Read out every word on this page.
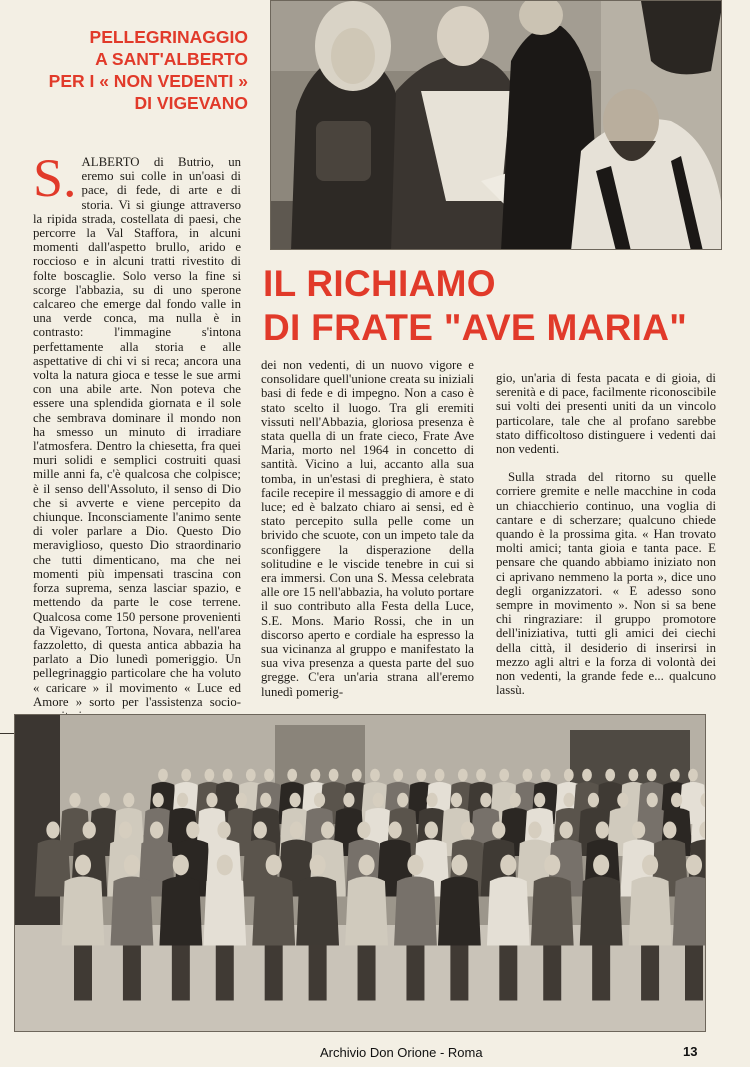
PELLEGRINAGGIO
A SANT'ALBERTO
PER I « NON VEDENTI »
DI VIGEVANO
IL RICHIAMO
DI FRATE "AVE MARIA"

S. ALBERTO di Butrio, un eremo sui colle in un'oasi di pace, di fede, di arte e di storia. Vi si giunge attraverso la ripida strada, costellata di paesi, che percorre la Val Staffora, in alcuni momenti dall'aspetto brullo, arido e roccioso e in alcuni tratti rivestito di folte boscaglie. Solo verso la fine si scorge l'abbazia, su di uno sperone calcareo che emerge dal fondo valle in una verde conca, ma nulla è in contrasto: l'immagine s'intona perfettamente alla storia e alle aspettative di chi vi si reca; ancora una volta la natura gioca e tesse le sue armi con una abile arte. Non poteva che essere una splendida giornata e il sole che sembrava dominare il mondo non ha smesso un minuto di irradiare l'atmosfera. Dentro la chiesetta, fra quei muri solidi e semplici costruiti quasi mille anni fa, c'è qualcosa che colpisce; è il senso dell'Assoluto, il senso di Dio che si avverte e viene percepito da chiunque. Inconsciamente l'animo sente di voler parlare a Dio. Questo Dio meraviglioso, questo Dio straordinario che tutti dimenticano, ma che nei momenti più impensati trascina con forza suprema, senza lasciar spazio, e mettendo da parte le cose terrene. Qualcosa come 150 persone provenienti da Vigevano, Tortona, Novara, nell'area fazzoletto, di questa antica abbazia ha parlato a Dio lunedì pomeriggio. Un pellegrinaggio particolare che ha voluto « caricare » il movimento « Luce ed Amore » sorto per l'assistenza socio-

dei non vedenti, di un nuovo vigore e consolidare quell'unione creata su iniziali basi di fede e di impegno. Non a caso è stato scelto il luogo. Tra gli eremiti vissuti nell'Abbazia, gloriosa presenza è stata quella di un frate cieco, Frate Ave Maria, morto nel 1964 in concetto di santità. Vicino a lui, accanto alla sua tomba, in un'estasi di preghiera, è stato facile recepire il messaggio di amore e di luce; ed è balzato chiaro ai sensi, ed è stato percepito sulla pelle come un brivido che scuote, con un impeto tale da sconfiggere la disperazione della solitudine e le viscide tenebre in cui si era immersi. Con una S. Messa celebrata alle ore 15 nell'abbazia, ha voluto portare il suo contributo alla Festa della Luce, S.E. Mons. Mario Rossi, che in un discorso aperto e cordiale ha espresso la sua vicinanza al gruppo e manifestato la sua viva presenza a questa parte del suo gregge. C'era un'aria strana all'eremo lunedì pomerig-

gio, un'aria di festa pacata e di gioia, di serenità e di pace, facilmente riconoscibile sui volti dei presenti uniti da un vincolo particolare, tale che al profano sarebbe stato difficoltoso distinguere i vedenti dai non vedenti.

Sulla strada del ritorno su quelle corriere gremite e nelle macchine in coda un chiacchierio continuo, una voglia di cantare e di scherzare; qualcuno chiede quando è la prossima gita. « Han trovato molti amici; tanta gioia e tanta pace. E pensare che quando abbiamo iniziato non ci aprivano nemmeno la porta », dice uno degli organizzatori. « E adesso sono sempre in movimento ». Non si sa bene chi ringraziare: il gruppo promotore dell'iniziativa, tutti gli amici dei ciechi della città, il desiderio di inserirsi in mezzo agli altri e la forza di volontà dei non vedenti, la grande fede e... qualcuno lassù.

Archivio Don Orione - Roma	13
